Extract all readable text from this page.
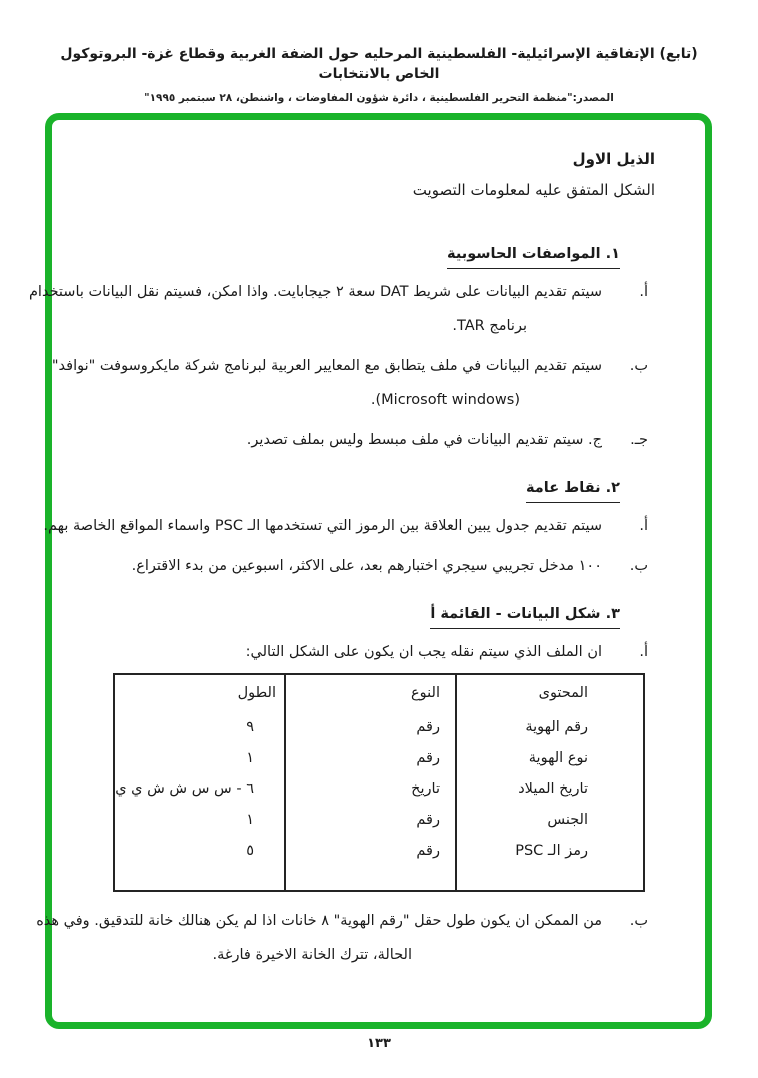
(تابع) الإتفاقية الإسرائيلية- الفلسطينية المرحليه حول الضفة الغربية وقطاع غزة- البروتوكول الخاص بالانتخابات
المصدر:"منظمة التحرير الفلسطينية ، دائرة شؤون المفاوضات ، واشنطن، ٢٨ سبتمبر ١٩٩٥"
الذيل الاول
الشكل المتفق عليه لمعلومات التصويت
١. المواصفات الحاسوبية
أ.
سيتم تقديم البيانات على شريط DAT سعة ٢ جيجابايت. واذا امكن، فسيتم نقل البيانات باستخدام
برنامج TAR.
ب.
سيتم تقديم البيانات في ملف يتطابق مع المعايير العربية لبرنامج شركة مايكروسوفت "نوافد"
(Microsoft windows).
جـ.
ج. سيتم تقديم البيانات في ملف مبسط وليس بملف تصدير.
٢. نقاط عامة
أ.
سيتم تقديم جدول يبين العلاقة بين الرموز التي تستخدمها الـ PSC واسماء المواقع الخاصة بهم.
ب.
١٠٠ مدخل تجريبي سيجري اختبارهم بعد، على الاكثر، اسبوعين من بدء الاقتراع.
٣. شكل البيانات - القائمة أ
أ.
ان الملف الذي سيتم نقله يجب ان يكون على الشكل التالي:
المحتوى	النوع	الطول
رقم الهوية	رقم	٩
نوع الهوية	رقم	١
تاريخ الميلاد	تاريخ	٦ - س س ش ش ي ي
الجنس	رقم	١
رمز الـ PSC	رقم	٥

ب.
من الممكن ان يكون طول حقل "رقم الهوية" ٨ خانات اذا لم يكن هنالك خانة للتدقيق. وفي هذه
الحالة، تترك الخانة الاخيرة فارغة.
١٣٣
